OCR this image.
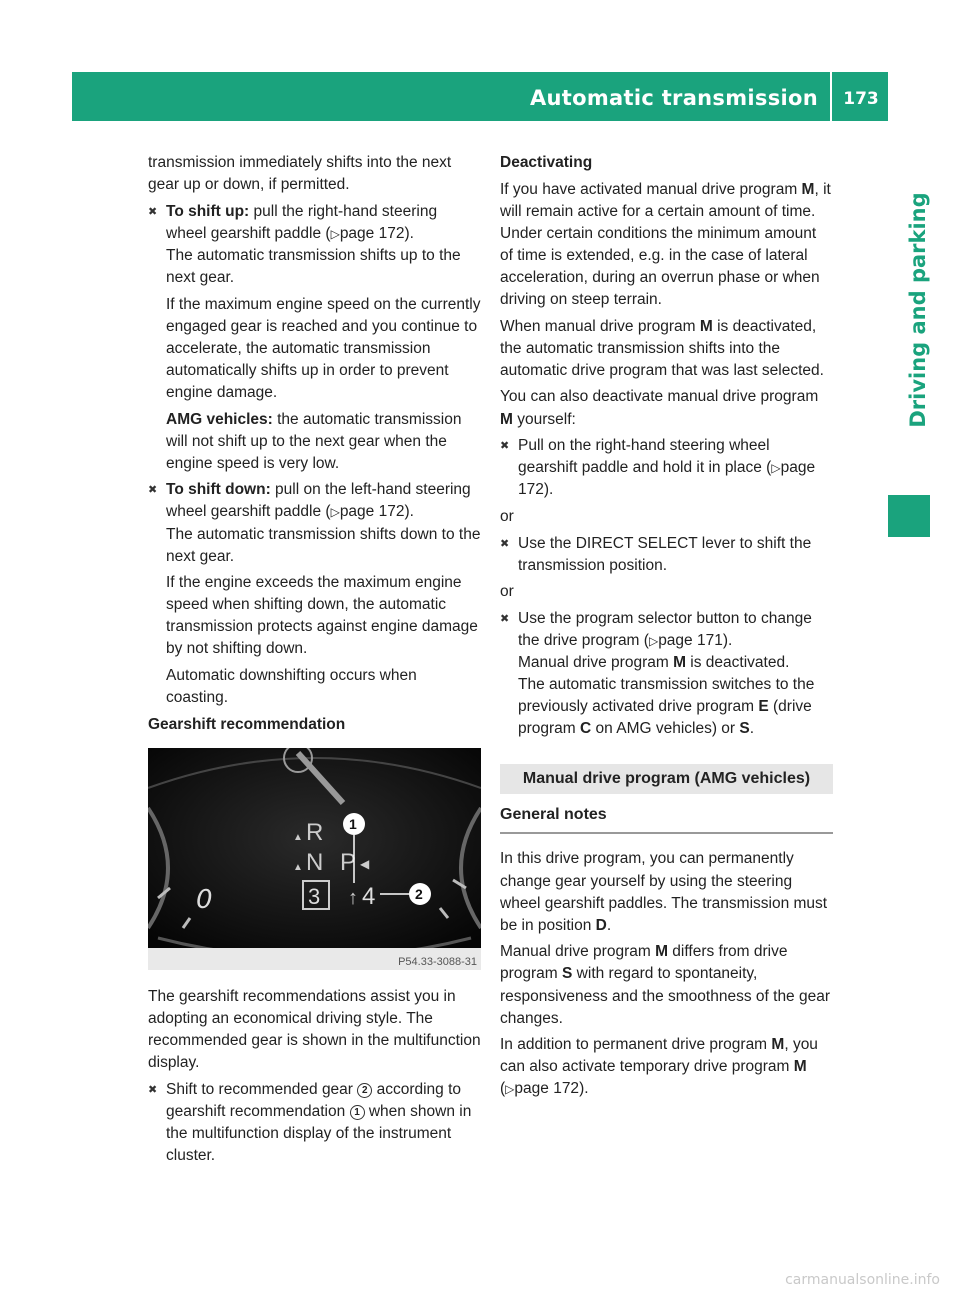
Automatic transmission	173
Driving and parking

transmission immediately shifts into the next gear up or down, if permitted.

✖ To shift up: pull the right-hand steering wheel gearshift paddle (▷page 172).
The automatic transmission shifts up to the next gear.

If the maximum engine speed on the currently engaged gear is reached and you continue to accelerate, the automatic transmission automatically shifts up in order to prevent engine damage.

AMG vehicles: the automatic transmission will not shift up to the next gear when the engine speed is very low.

✖ To shift down: pull on the left-hand steering wheel gearshift paddle (▷page 172).
The automatic transmission shifts down to the next gear.

If the engine exceeds the maximum engine speed when shifting down, the automatic transmission protects against engine damage by not shifting down.

Automatic downshifting occurs when coasting.

Gearshift recommendation

0
▲ R
▲ N P ◀
3 ↑ 4
1
2
P54.33-3088-31

The gearshift recommendations assist you in adopting an economical driving style. The recommended gear is shown in the multifunction display.

✖ Shift to recommended gear 2 according to gearshift recommendation 1 when shown in the multifunction display of the instrument cluster.

Deactivating

If you have activated manual drive program M, it will remain active for a certain amount of time. Under certain conditions the minimum amount of time is extended, e.g. in the case of lateral acceleration, during an overrun phase or when driving on steep terrain.

When manual drive program M is deactivated, the automatic transmission shifts into the automatic drive program that was last selected.

You can also deactivate manual drive program M yourself:

✖ Pull on the right-hand steering wheel gearshift paddle and hold it in place (▷page 172).

or

✖ Use the DIRECT SELECT lever to shift the transmission position.

or

✖ Use the program selector button to change the drive program (▷page 171).
Manual drive program M is deactivated.
The automatic transmission switches to the previously activated drive program E (drive program C on AMG vehicles) or S.

Manual drive program (AMG vehicles)
General notes

In this drive program, you can permanently change gear yourself by using the steering wheel gearshift paddles. The transmission must be in position D.

Manual drive program M differs from drive program S with regard to spontaneity, responsiveness and the smoothness of the gear changes.

In addition to permanent drive program M, you can also activate temporary drive program M (▷page 172).

carmanualsonline.info
